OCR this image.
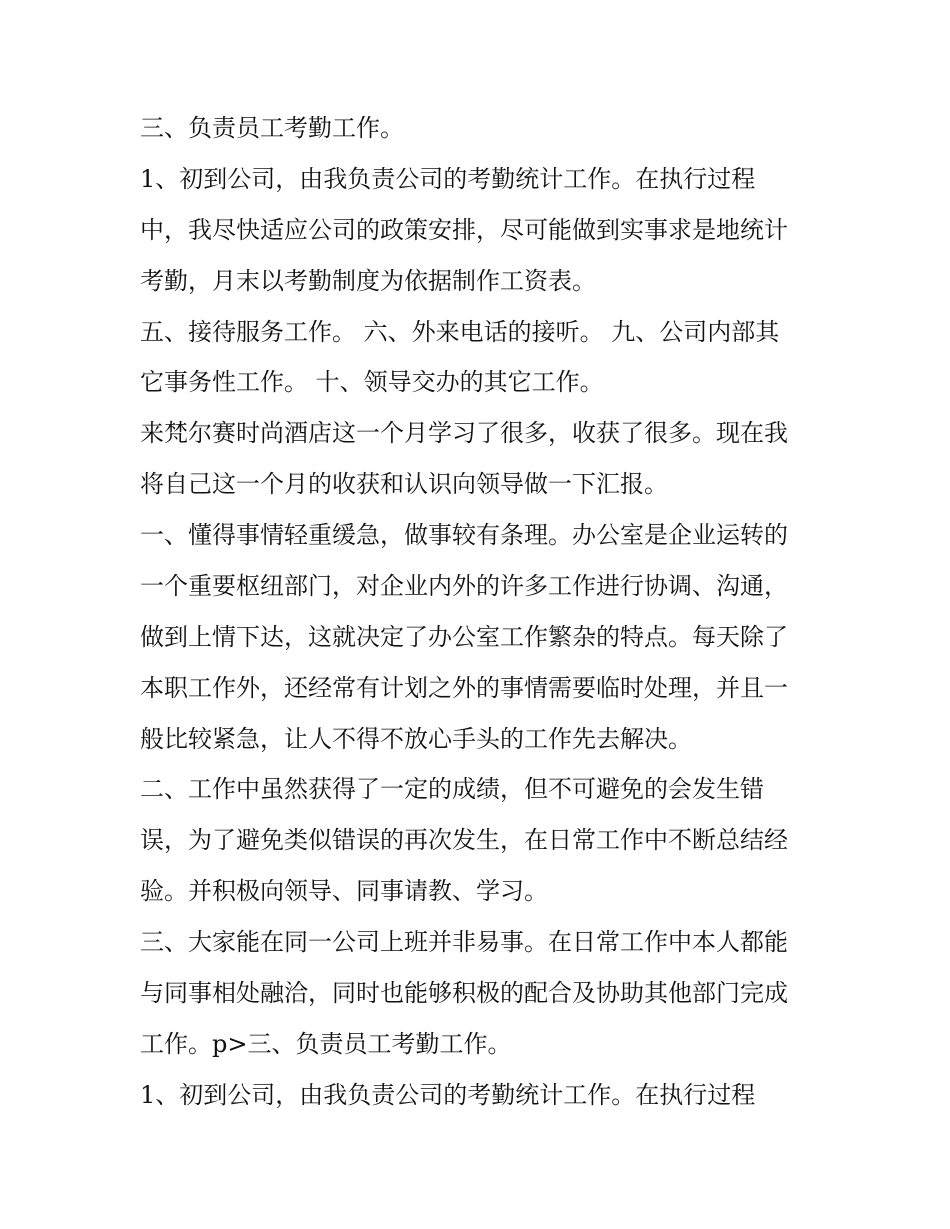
三、负责员工考勤工作。
1、初到公司，由我负责公司的考勤统计工作。在执行过程
中，我尽快适应公司的政策安排，尽可能做到实事求是地统计
考勤，月末以考勤制度为依据制作工资表。
五、接待服务工作。 六、外来电话的接听。 九、公司内部其
它事务性工作。 十、领导交办的其它工作。
来梵尔赛时尚酒店这一个月学习了很多，收获了很多。现在我
将自己这一个月的收获和认识向领导做一下汇报。
一、懂得事情轻重缓急，做事较有条理。办公室是企业运转的
一个重要枢纽部门，对企业内外的许多工作进行协调、沟通，
做到上情下达，这就决定了办公室工作繁杂的特点。每天除了
本职工作外，还经常有计划之外的事情需要临时处理，并且一
般比较紧急，让人不得不放心手头的工作先去解决。
二、工作中虽然获得了一定的成绩，但不可避免的会发生错
误，为了避免类似错误的再次发生，在日常工作中不断总结经
验。并积极向领导、同事请教、学习。
三、大家能在同一公司上班并非易事。在日常工作中本人都能
与同事相处融洽，同时也能够积极的配合及协助其他部门完成
工作。p>三、负责员工考勤工作。
1、初到公司，由我负责公司的考勤统计工作。在执行过程
